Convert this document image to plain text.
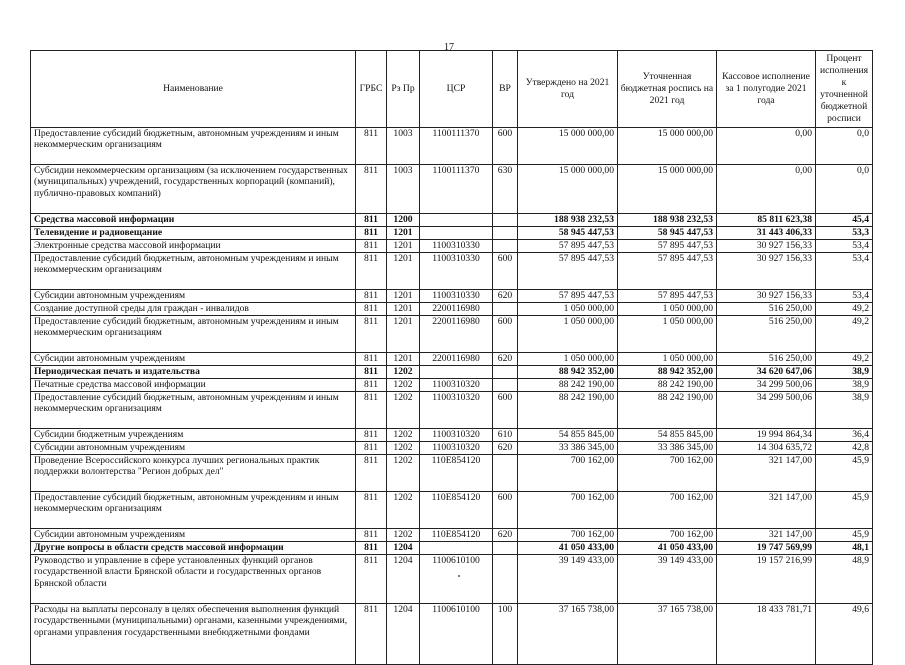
17
Наименование	ГРБС	Рз Пр	ЦСР	ВР	Утверждено на 2021 год	Уточненная бюджетная роспись на 2021 год	Кассовое исполнение за 1 полугодие 2021 года	Процент исполнения к уточненной бюджетной росписи
Предоставление субсидий бюджетным, автономным учреждениям и иным некоммерческим организациям	811	1003	1100111370	600	15 000 000,00	15 000 000,00	0,00	0,0
Субсидии некоммерческим организациям (за исключением государственных (муниципальных) учреждений, государственных корпораций (компаний), публично-правовых компаний)	811	1003	1100111370	630	15 000 000,00	15 000 000,00	0,00	0,0
Средства массовой информации	811	1200			188 938 232,53	188 938 232,53	85 811 623,38	45,4
Телевидение и радиовещание	811	1201			58 945 447,53	58 945 447,53	31 443 406,33	53,3
Электронные средства массовой информации	811	1201	1100310330		57 895 447,53	57 895 447,53	30 927 156,33	53,4
Предоставление субсидий бюджетным, автономным учреждениям и иным некоммерческим организациям	811	1201	1100310330	600	57 895 447,53	57 895 447,53	30 927 156,33	53,4
Субсидии автономным учреждениям	811	1201	1100310330	620	57 895 447,53	57 895 447,53	30 927 156,33	53,4
Создание доступной среды для граждан - инвалидов	811	1201	2200116980		1 050 000,00	1 050 000,00	516 250,00	49,2
Предоставление субсидий бюджетным, автономным учреждениям и иным некоммерческим организациям	811	1201	2200116980	600	1 050 000,00	1 050 000,00	516 250,00	49,2
Субсидии автономным учреждениям	811	1201	2200116980	620	1 050 000,00	1 050 000,00	516 250,00	49,2
Периодическая печать и издательства	811	1202			88 942 352,00	88 942 352,00	34 620 647,06	38,9
Печатные средства массовой информации	811	1202	1100310320		88 242 190,00	88 242 190,00	34 299 500,06	38,9
Предоставление субсидий бюджетным, автономным учреждениям и иным некоммерческим организациям	811	1202	1100310320	600	88 242 190,00	88 242 190,00	34 299 500,06	38,9
Субсидии бюджетным учреждениям	811	1202	1100310320	610	54 855 845,00	54 855 845,00	19 994 864,34	36,4
Субсидии автономным учреждениям	811	1202	1100310320	620	33 386 345,00	33 386 345,00	14 304 635,72	42,8
Проведение Всероссийского конкурса лучших региональных практик поддержки волонтерства "Регион добрых дел"	811	1202	110E854120		700 162,00	700 162,00	321 147,00	45,9
Предоставление субсидий бюджетным, автономным учреждениям и иным некоммерческим организациям	811	1202	110E854120	600	700 162,00	700 162,00	321 147,00	45,9
Субсидии автономным учреждениям	811	1202	110E854120	620	700 162,00	700 162,00	321 147,00	45,9
Другие вопросы в области средств массовой информации	811	1204			41 050 433,00	41 050 433,00	19 747 569,99	48,1
Руководство и управление в сфере установленных функций органов государственной власти Брянской области и государственных органов Брянской области	811	1204	1100610100		39 149 433,00	39 149 433,00	19 157 216,99	48,9
Расходы на выплаты персоналу в целях обеспечения выполнения функций государственными (муниципальными) органами, казенными учреждениями, органами управления государственными внебюджетными фондами	811	1204	1100610100	100	37 165 738,00	37 165 738,00	18 433 781,71	49,6
